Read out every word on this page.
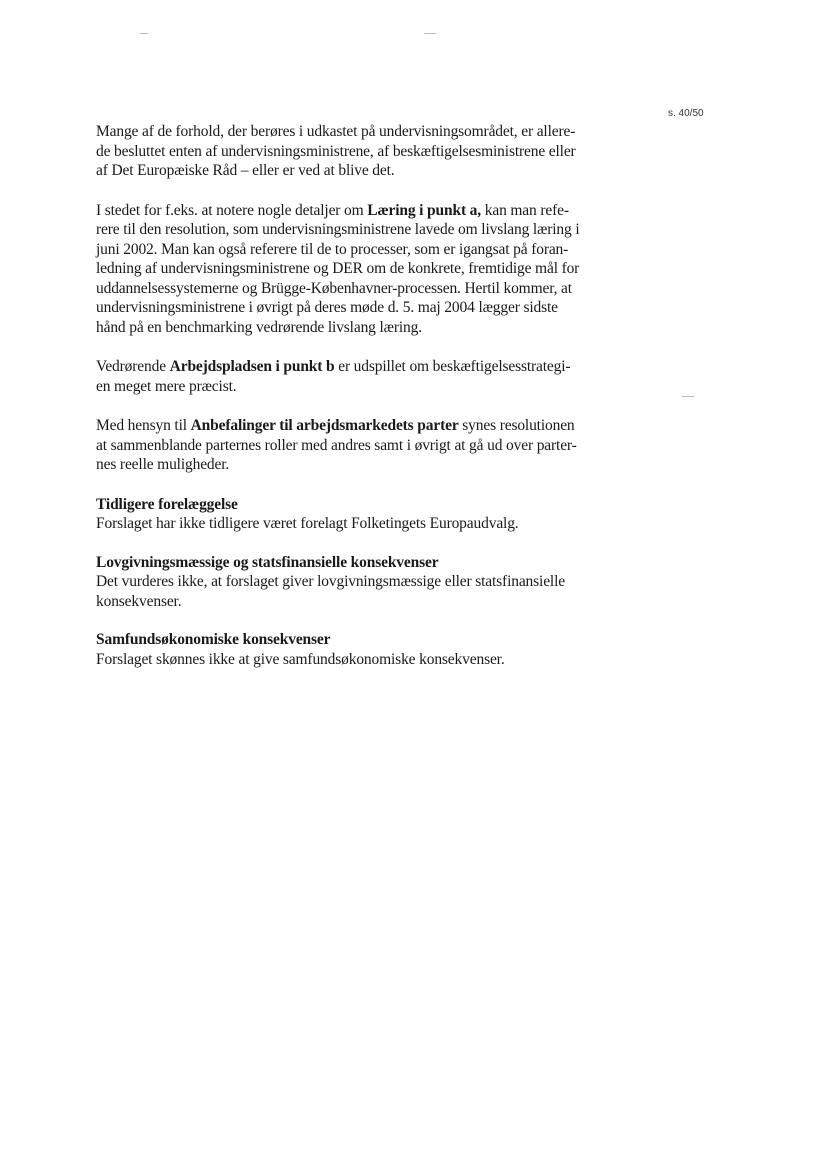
s. 40/50

Mange af de forhold, der berøres i udkastet på undervisningsområdet, er allere-
de besluttet enten af undervisningsministrene, af beskæftigelsesministrene eller
af Det Europæiske Råd – eller er ved at blive det.

I stedet for f.eks. at notere nogle detaljer om Læring i punkt a, kan man refe-
rere til den resolution, som undervisningsministrene lavede om livslang læring i
juni 2002. Man kan også referere til de to processer, som er igangsat på foran-
ledning af undervisningsministrene og DER om de konkrete, fremtidige mål for
uddannelsessystemerne og Brügge-Københavner-processen. Hertil kommer, at
undervisningsministrene i øvrigt på deres møde d. 5. maj 2004 lægger sidste
hånd på en benchmarking vedrørende livslang læring.

Vedrørende Arbejdspladsen i punkt b er udspillet om beskæftigelsesstrategi-
en meget mere præcist.

Med hensyn til Anbefalinger til arbejdsmarkedets parter synes resolutionen
at sammenblande parternes roller med andres samt i øvrigt at gå ud over parter-
nes reelle muligheder.

Tidligere forelæggelse
Forslaget har ikke tidligere været forelagt Folketingets Europaudvalg.
Lovgivningsmæssige og statsfinansielle konsekvenser
Det vurderes ikke, at forslaget giver lovgivningsmæssige eller statsfinansielle
konsekvenser.
Samfundsøkonomiske konsekvenser
Forslaget skønnes ikke at give samfundsøkonomiske konsekvenser.
